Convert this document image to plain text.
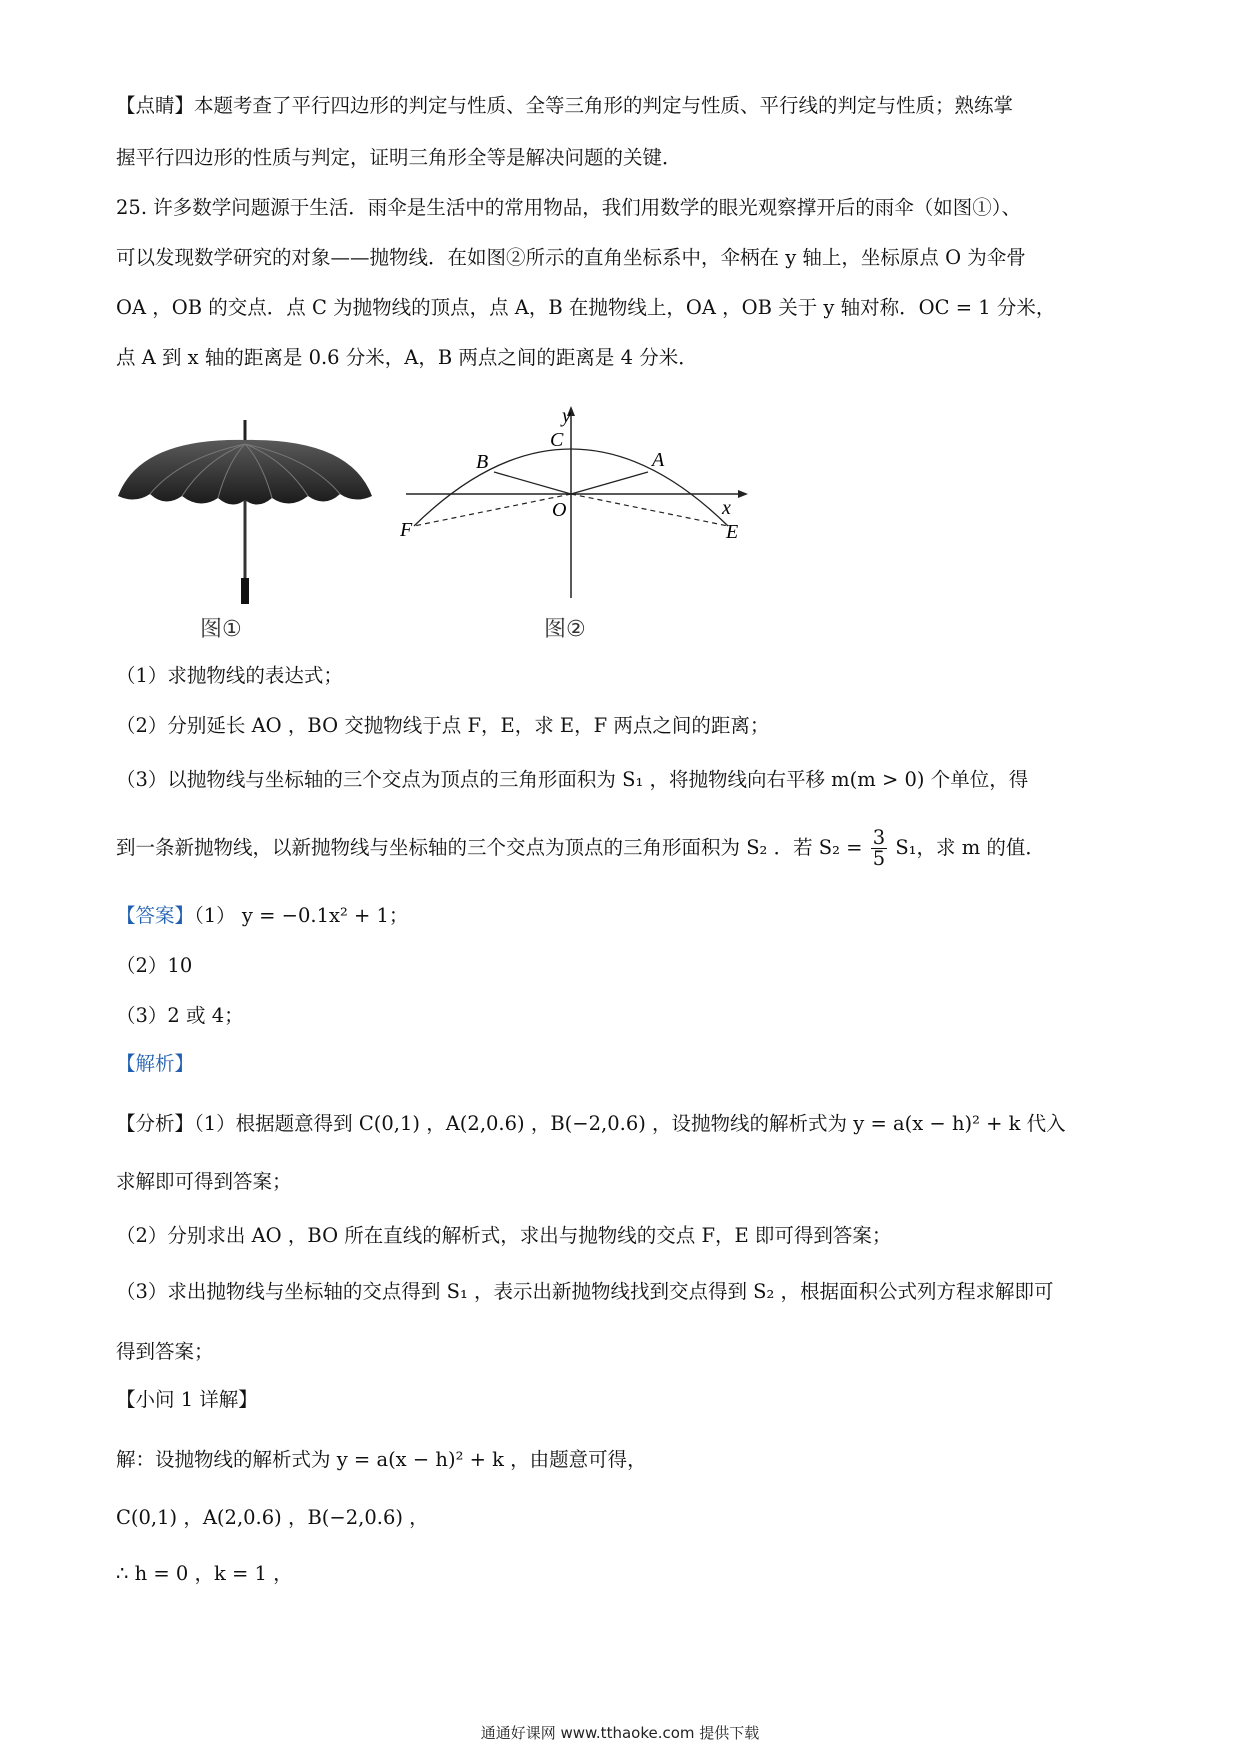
【点睛】本题考查了平行四边形的判定与性质、全等三角形的判定与性质、平行线的判定与性质；熟练掌
握平行四边形的性质与判定，证明三角形全等是解决问题的关键．
25. 许多数学问题源于生活．雨伞是生活中的常用物品，我们用数学的眼光观察撑开后的雨伞（如图①）、
可以发现数学研究的对象——抛物线．在如图②所示的直角坐标系中，伞柄在 y 轴上，坐标原点 O 为伞骨
OA ，OB 的交点．点 C 为抛物线的顶点，点 A，B 在抛物线上，OA ，OB 关于 y 轴对称．OC = 1 分米，
点 A 到 x 轴的距离是 0.6 分米，A，B 两点之间的距离是 4 分米．
图①
y
C
B	A
O	x
F	E
图②
（1）求抛物线的表达式；
（2）分别延长 AO ，BO 交抛物线于点 F，E，求 E，F 两点之间的距离；
（3）以抛物线与坐标轴的三个交点为顶点的三角形面积为 S₁ ，将抛物线向右平移 m(m > 0) 个单位，得
到一条新抛物线，以新抛物线与坐标轴的三个交点为顶点的三角形面积为 S₂ ．若 $S_2 = \frac{3}{5} S_1$，求 m 的值．
【答案】（1） y = −0.1x² + 1；
（2）10
（3）2 或 4；
【解析】
【分析】（1）根据题意得到 C(0,1) ，A(2,0.6) ，B(−2,0.6) ，设抛物线的解析式为 y = a(x − h)² + k 代入
求解即可得到答案；
（2）分别求出 AO ，BO 所在直线的解析式，求出与抛物线的交点 F，E 即可得到答案；
（3）求出抛物线与坐标轴的交点得到 S₁ ，表示出新抛物线找到交点得到 S₂ ，根据面积公式列方程求解即可
得到答案；
【小问 1 详解】
解：设抛物线的解析式为 y = a(x − h)² + k ，由题意可得，
C(0,1) ，A(2,0.6) ，B(−2,0.6) ，
∴ h = 0 ，k = 1 ，
通通好课网 www.tthaoke.com 提供下载
